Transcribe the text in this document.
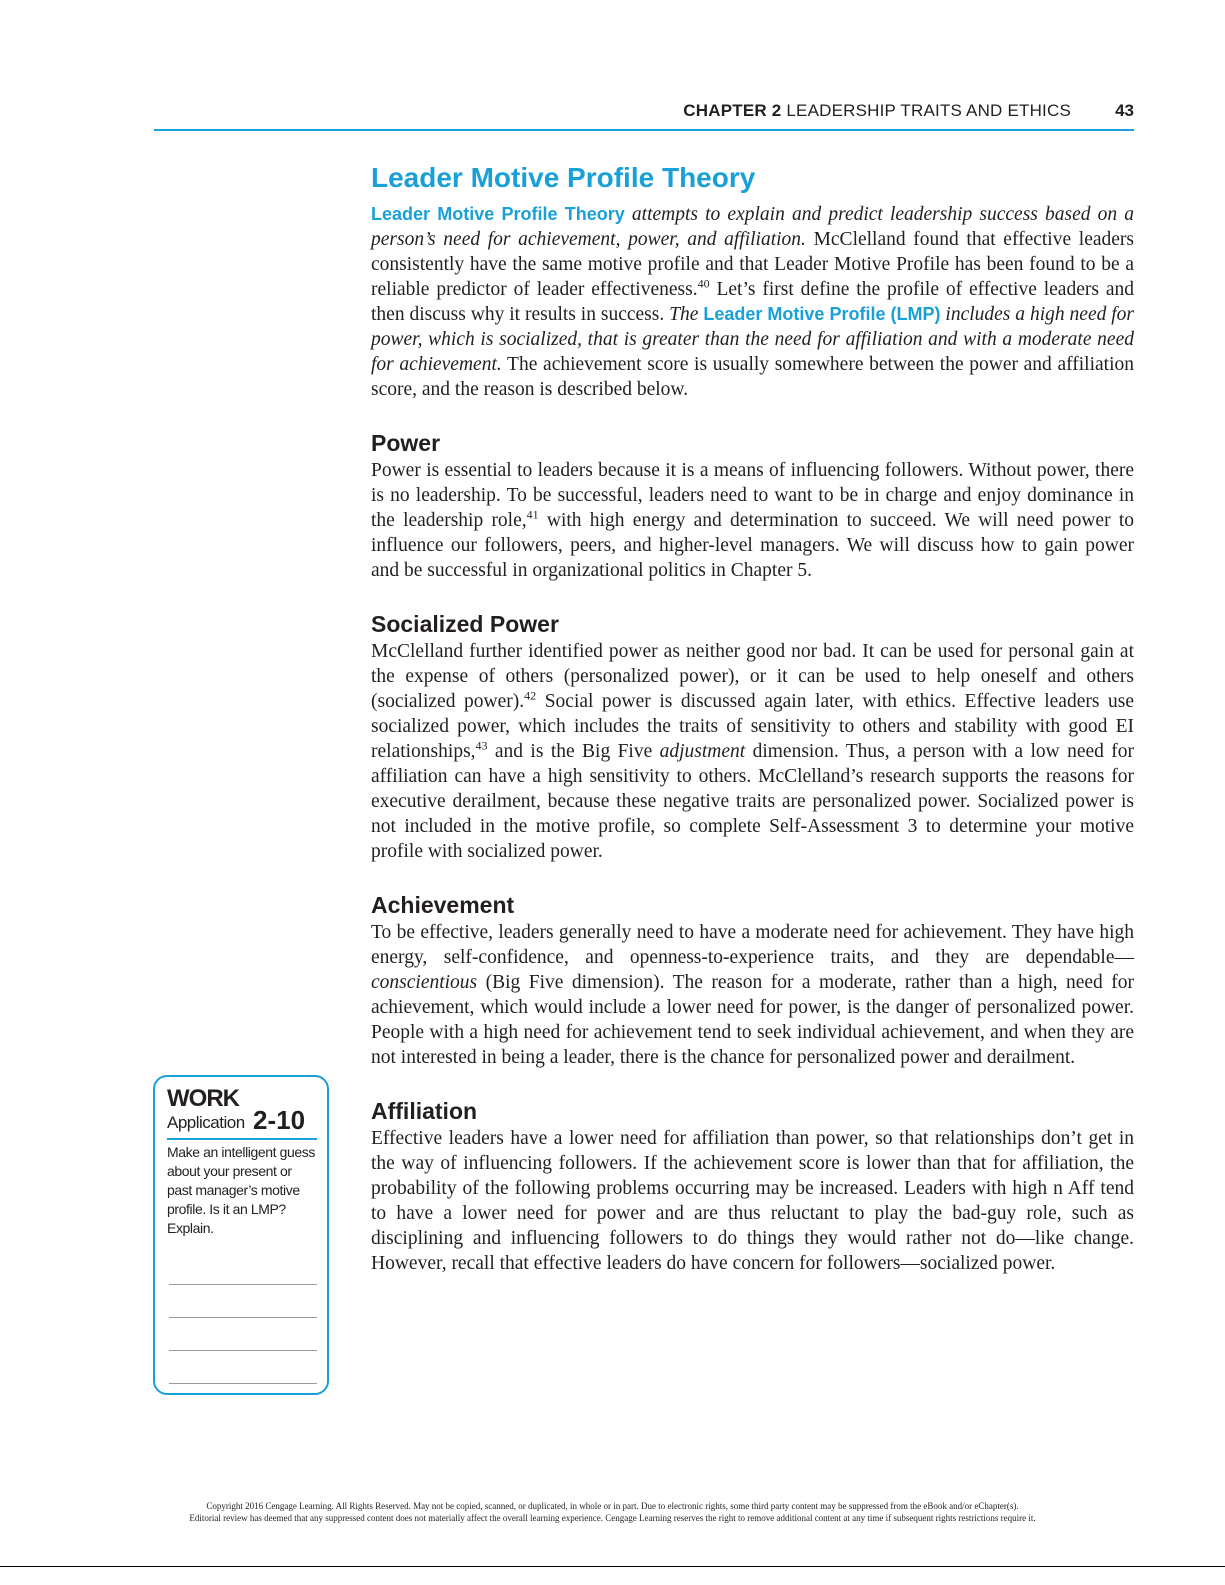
CHAPTER 2 LEADERSHIP TRAITS AND ETHICS	43
Leader Motive Profile Theory

Leader Motive Profile Theory attempts to explain and predict leadership success based on a person’s need for achievement, power, and affiliation. McClelland found that effective leaders consistently have the same motive profile and that Leader Motive Profile has been found to be a reliable predictor of leader effectiveness.$^{40}$ Let’s first define the profile of effective leaders and then discuss why it results in success. The Leader Motive Profile (LMP) includes a high need for power, which is socialized, that is greater than the need for affiliation and with a moderate need for achievement. The achievement score is usually somewhere between the power and affiliation score, and the reason is described below.

Power

Power is essential to leaders because it is a means of influencing followers. Without power, there is no leadership. To be successful, leaders need to want to be in charge and enjoy dominance in the leadership role,$^{41}$ with high energy and determination to succeed. We will need power to influence our followers, peers, and higher-level managers. We will discuss how to gain power and be successful in organizational politics in Chapter 5.

Socialized Power

McClelland further identified power as neither good nor bad. It can be used for personal gain at the expense of others (personalized power), or it can be used to help oneself and others (socialized power).$^{42}$ Social power is discussed again later, with ethics. Effective leaders use socialized power, which includes the traits of sensitivity to others and stability with good EI relationships,$^{43}$ and is the Big Five adjustment dimension. Thus, a person with a low need for affiliation can have a high sensitivity to others. McClelland’s research supports the reasons for executive derailment, because these negative traits are personalized power. Socialized power is not included in the motive profile, so complete Self-Assessment 3 to determine your motive profile with socialized power.

Achievement

To be effective, leaders generally need to have a moderate need for achievement. They have high energy, self-confidence, and openness-to-experience traits, and they are dependable—conscientious (Big Five dimension). The reason for a moderate, rather than a high, need for achievement, which would include a lower need for power, is the danger of personalized power. People with a high need for achievement tend to seek individual achievement, and when they are not interested in being a leader, there is the chance for personalized power and derailment.

Affiliation

Effective leaders have a lower need for affiliation than power, so that relationships don’t get in the way of influencing followers. If the achievement score is lower than that for affiliation, the probability of the following problems occurring may be increased. Leaders with high n Aff tend to have a lower need for power and are thus reluctant to play the bad-guy role, such as disciplining and influencing followers to do things they would rather not do—like change. However, recall that effective leaders do have concern for followers—socialized power.

WORK
Application 2-10
Make an intelligent guess about your present or past manager’s motive profile. Is it an LMP? Explain.
Copyright 2016 Cengage Learning. All Rights Reserved. May not be copied, scanned, or duplicated, in whole or in part. Due to electronic rights, some third party content may be suppressed from the eBook and/or eChapter(s).
Editorial review has deemed that any suppressed content does not materially affect the overall learning experience. Cengage Learning reserves the right to remove additional content at any time if subsequent rights restrictions require it.
